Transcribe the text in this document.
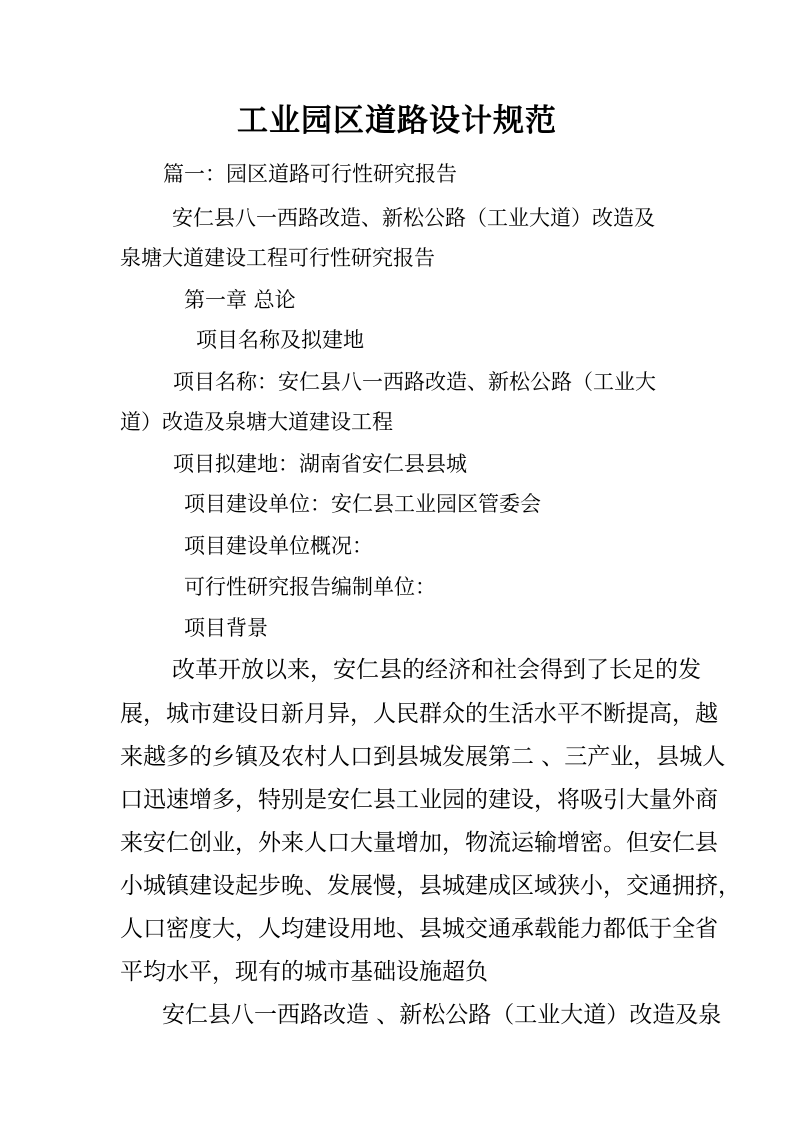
工业园区道路设计规范
篇一：园区道路可行性研究报告
安仁县八一西路改造、新松公路（工业大道）改造及
泉塘大道建设工程可行性研究报告
第一章 总论
项目名称及拟建地
项目名称：安仁县八一西路改造、新松公路（工业大
道）改造及泉塘大道建设工程
项目拟建地：湖南省安仁县县城
项目建设单位：安仁县工业园区管委会
项目建设单位概况：
可行性研究报告编制单位：
项目背景
改革开放以来，安仁县的经济和社会得到了长足的发
展，城市建设日新月异，人民群众的生活水平不断提高，越
来越多的乡镇及农村人口到县城发展第二 、三产业，县城人
口迅速增多，特别是安仁县工业园的建设，将吸引大量外商
来安仁创业，外来人口大量增加，物流运输增密。但安仁县
小城镇建设起步晚、发展慢，县城建成区域狭小，交通拥挤，
人口密度大，人均建设用地、县城交通承载能力都低于全省
平均水平，现有的城市基础设施超负
安仁县八一西路改造 、新松公路（工业大道）改造及泉
